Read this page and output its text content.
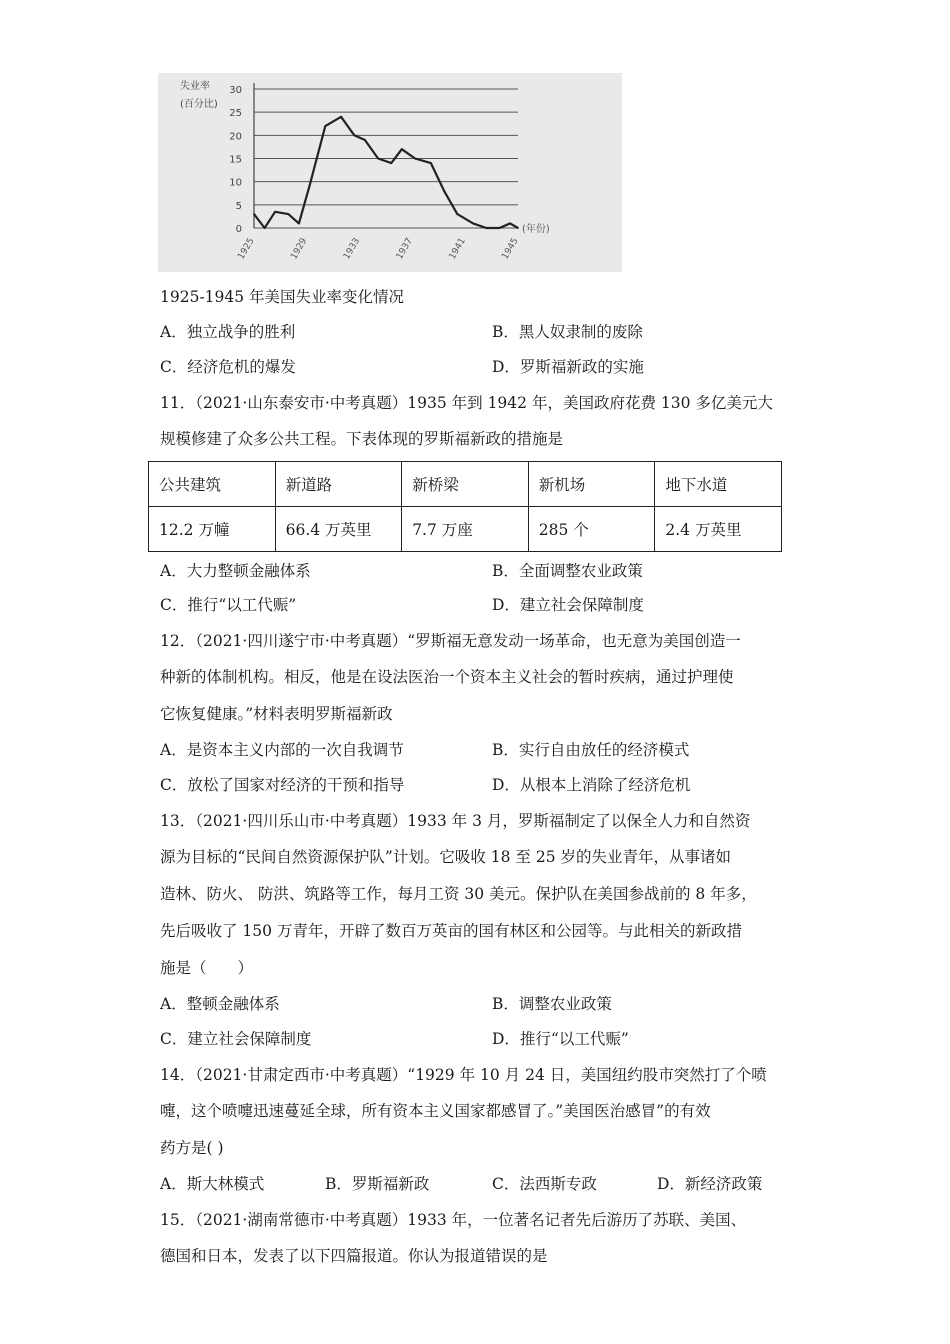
30
25
20
15
10
5
0
失业率
(百分比)
1925	1929	1933	1937	1941	1945
(年份)
1925-1945 年美国失业率变化情况
A．独立战争的胜利	B．黑人奴隶制的废除
C．经济危机的爆发	D．罗斯福新政的实施
11．（2021·山东泰安市·中考真题）1935 年到 1942 年，美国政府花费 130 多亿美元大
规模修建了众多公共工程。下表体现的罗斯福新政的措施是
公共建筑	新道路	新桥梁	新机场	地下水道
12.2 万幢	66.4 万英里	7.7 万座	285 个	2.4 万英里
A．大力整顿金融体系	B．全面调整农业政策
C．推行“以工代赈”	D．建立社会保障制度
12．（2021·四川遂宁市·中考真题）“罗斯福无意发动一场革命，也无意为美国创造一
种新的体制机构。相反，他是在设法医治一个资本主义社会的暂时疾病，通过护理使
它恢复健康。”材料表明罗斯福新政
A．是资本主义内部的一次自我调节	B．实行自由放任的经济模式
C．放松了国家对经济的干预和指导	D．从根本上消除了经济危机
13．（2021·四川乐山市·中考真题）1933 年 3 月，罗斯福制定了以保全人力和自然资
源为目标的“民间自然资源保护队”计划。它吸收 18 至 25 岁的失业青年，从事诸如
造林、防火、 防洪、筑路等工作，每月工资 30 美元。保护队在美国参战前的 8 年多，
先后吸收了 150 万青年，开辟了数百万英亩的国有林区和公园等。与此相关的新政措
施是（　　）
A．整顿金融体系	B．调整农业政策
C．建立社会保障制度	D．推行“以工代赈”
14．（2021·甘肃定西市·中考真题）“1929 年 10 月 24 日，美国纽约股市突然打了个喷
嚏，这个喷嚏迅速蔓延全球，所有资本主义国家都感冒了。”美国医治感冒”的有效
药方是( )
A．斯大林模式	B．罗斯福新政	C．法西斯专政	D．新经济政策
15．（2021·湖南常德市·中考真题）1933 年，一位著名记者先后游历了苏联、美国、
德国和日本，发表了以下四篇报道。你认为报道错误的是
